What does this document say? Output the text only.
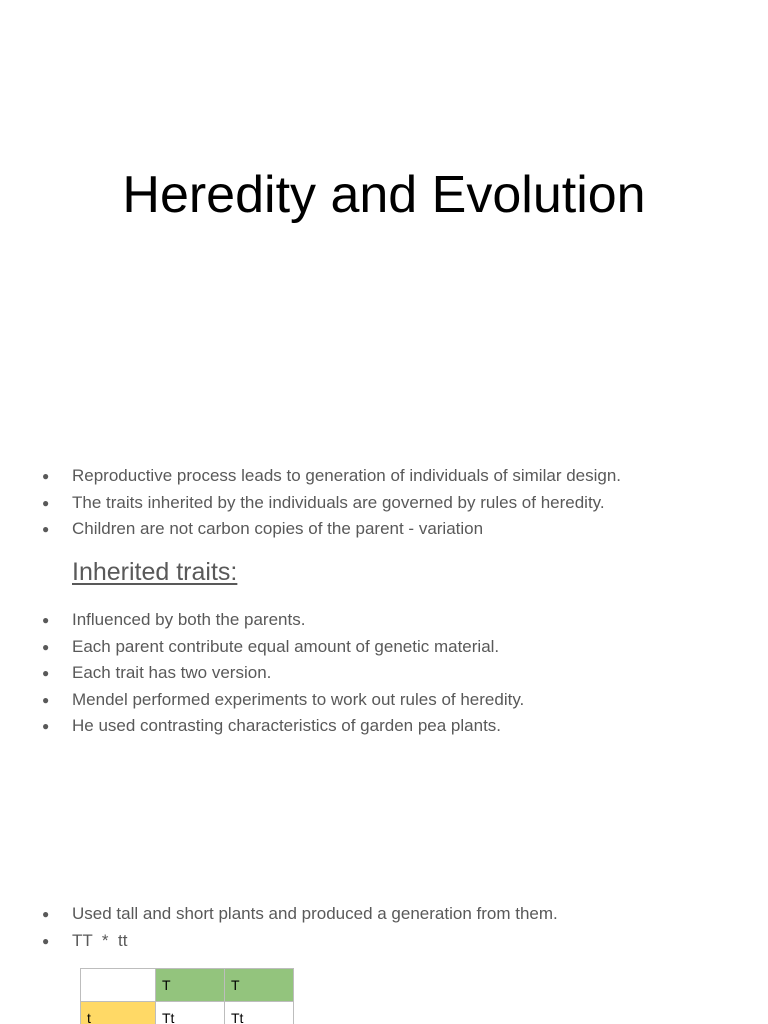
Heredity and Evolution
● Reproductive process leads to generation of individuals of similar design.
● The traits inherited by the individuals are governed by rules of heredity.
● Children are not carbon copies of the parent - variation
Inherited traits:
● Influenced by both the parents.
● Each parent contribute equal amount of genetic material.
● Each trait has two version.
● Mendel performed experiments to work out rules of heredity.
● He used contrasting characteristics of garden pea plants.
● Used tall and short plants and produced a generation from them.
● TT  *  tt
	T	T
t	Tt	Tt
